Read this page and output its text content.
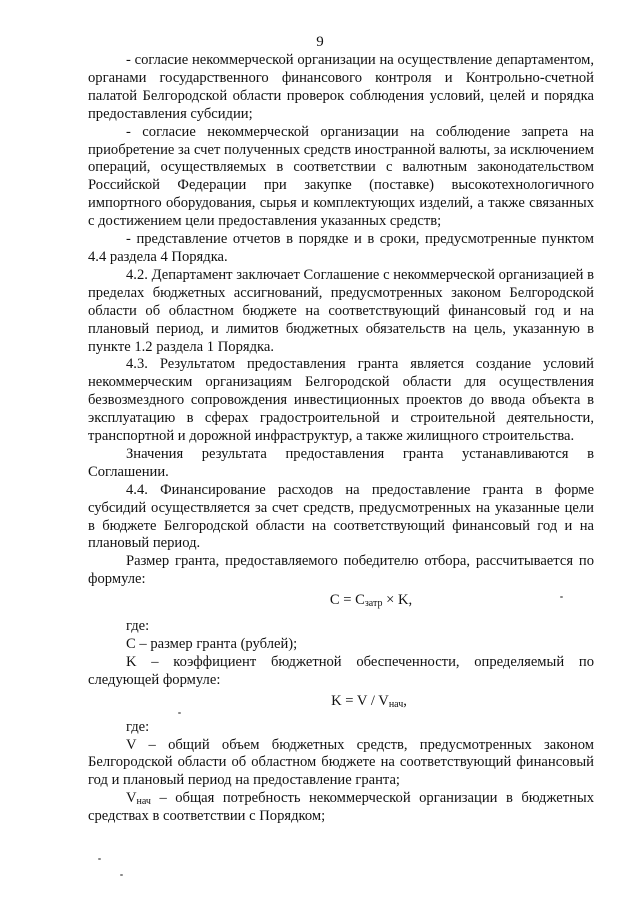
9

- согласие некоммерческой организации на осуществление департаментом, органами государственного финансового контроля и Контрольно-счетной палатой Белгородской области проверок соблюдения условий, целей и порядка предоставления субсидии;

- согласие некоммерческой организации на соблюдение запрета на приобретение за счет полученных средств иностранной валюты, за исключением операций, осуществляемых в соответствии с валютным законодательством Российской Федерации при закупке (поставке) высокотехнологичного импортного оборудования, сырья и комплектующих изделий, а также связанных с достижением цели предоставления указанных средств;

- представление отчетов в порядке и в сроки, предусмотренные пунктом 4.4 раздела 4 Порядка.

4.2. Департамент заключает Соглашение с некоммерческой организацией в пределах бюджетных ассигнований, предусмотренных законом Белгородской области об областном бюджете на соответствующий финансовый год и на плановый период, и лимитов бюджетных обязательств на цель, указанную в пункте 1.2 раздела 1 Порядка.

4.3. Результатом предоставления гранта является создание условий некоммерческим организациям Белгородской области для осуществления безвозмездного сопровождения инвестиционных проектов до ввода объекта в эксплуатацию в сферах градостроительной и строительной деятельности, транспортной и дорожной инфраструктур, а также жилищного строительства.

Значения результата предоставления гранта устанавливаются в Соглашении.

4.4. Финансирование расходов на предоставление гранта в форме субсидий осуществляется за счет средств, предусмотренных на указанные цели в бюджете Белгородской области на соответствующий финансовый год и на плановый период.

Размер гранта, предоставляемого победителю отбора, рассчитывается по формуле:

$С = С_{затр} \times K$,

где:

С – размер гранта (рублей);

K – коэффициент бюджетной обеспеченности, определяемый по следующей формуле:

$K = V / V_{нач}$,

где:

V – общий объем бюджетных средств, предусмотренных законом Белгородской области об областном бюджете на соответствующий финансовый год и плановый период на предоставление гранта;

$V_{нач}$ – общая потребность некоммерческой организации в бюджетных средствах в соответствии с Порядком;
